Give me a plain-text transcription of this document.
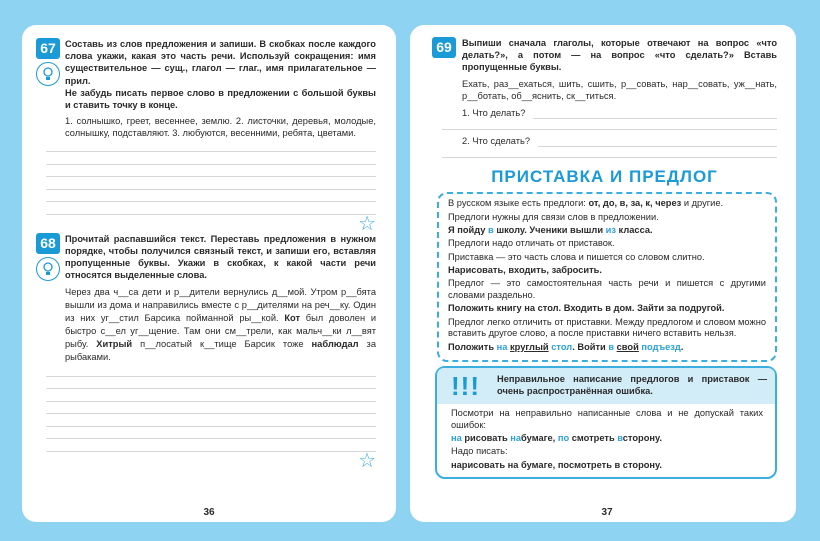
67 Составь из слов предложения и запиши. В скобках после каждого слова укажи, какая это часть речи. Используй сокращения: имя существительное — сущ., глагол — глаг., имя прилагательное — прил.
Не забудь писать первое слово в предложении с большой буквы и ставить точку в конце.
1. солнышко, греет, весеннее, землю. 2. листочки, деревья, молодые, солнышку, подставляют. 3. любуются, весенними, ребята, цветами.
☆
68 Прочитай распавшийся текст. Переставь предложения в нужном порядке, чтобы получился связный текст, и запиши его, вставляя пропущенные буквы. Укажи в скобках, к какой части речи относятся выделенные слова.
Через два ч__са дети и р__дители вернулись д__мой. Утром р__бята вышли из дома и направились вместе с р__дителями на реч__ку. Один из них уг__стил Барсика пойманной ры__кой. Кот был доволен и быстро с__ел уг__щение. Там они см__трели, как мальч__ки л__вят рыбу. Хитрый п__лосатый к__тище Барсик тоже наблюдал за рыбаками.
☆
69	Выпиши сначала глаголы, которые отвечают на вопрос «что делать?», а потом — на вопрос «что сделать?» Вставь пропущенные буквы.
Ехать, раз__ехаться, шить, сшить, р__совать, нар__совать, уж__нать, р__ботать, об__яснить, ск__титься.
1. Что делать?
2. Что сделать?
ПРИСТАВКА И ПРЕДЛОГ
В русском языке есть предлоги: от, до, в, за, к, через и другие.
Предлоги нужны для связи слов в предложении.
Я пойду в школу. Ученики вышли из класса.
Предлоги надо отличать от приставок.
Приставка — это часть слова и пишется со словом слитно.
Нарисовать, входить, забросить.
Предлог — это самостоятельная часть речи и пишется с другими словами раздельно.
Положить книгу на стол. Входить в дом. Зайти за подругой.
Предлог легко отличить от приставки. Между предлогом и словом можно вставить другое слово, а после приставки ничего вставить нельзя.
Положить на круглый стол. Войти в свой подъезд.
!!!	Неправильное написание предлогов и приставок — очень распространённая ошибка.
Посмотри на неправильно написанные слова и не допускай таких ошибок:
на рисовать набумаге, по смотреть всторону.
Надо писать:
нарисовать на бумаге, посмотреть в сторону.
36	37
